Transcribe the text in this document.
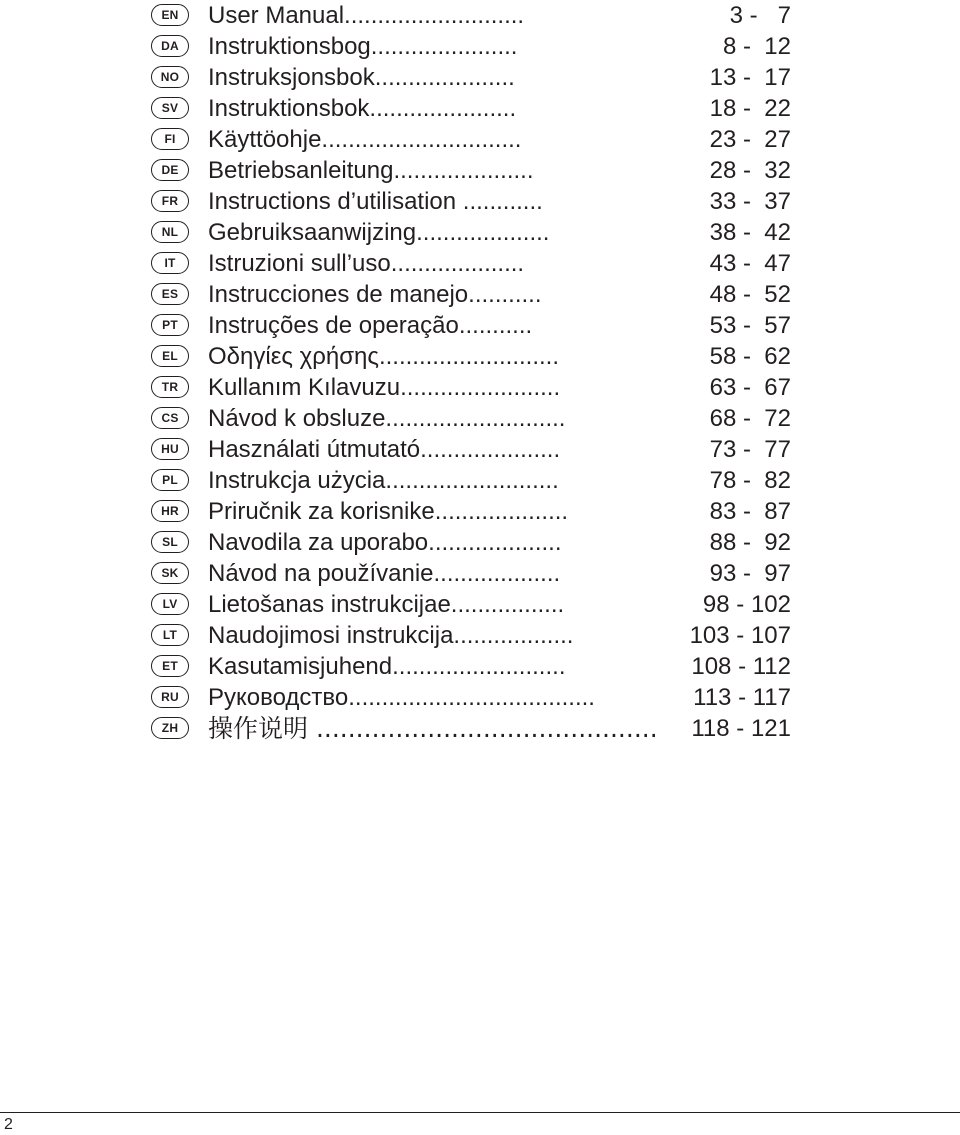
EN	User Manual...........................	3 -   7
DA	Instruktionsbog......................	8 -  12
NO	Instruksjonsbok.....................	13 -  17
SV	Instruktionsbok......................	18 -  22
FI	Käyttöohje..............................	23 -  27
DE	Betriebsanleitung.....................	28 -  32
FR	Instructions d’utilisation ............	33 -  37
NL	Gebruiksaanwijzing....................	38 -  42
IT	Istruzioni sull’uso....................	43 -  47
ES	Instrucciones de manejo...........	48 -  52
PT	Instruções de operação...........	53 -  57
EL	Οδηγίες χρήσης...........................	58 -  62
TR	Kullanım Kılavuzu........................	63 -  67
CS	Návod k obsluze...........................	68 -  72
HU	Használati útmutató.....................	73 -  77
PL	Instrukcja użycia..........................	78 -  82
HR	Priručnik za korisnike....................	83 -  87
SL	Navodila za uporabo....................	88 -  92
SK	Návod na používanie...................	93 -  97
LV	Lietošanas instrukcijae.................	98 - 102
LT	Naudojimosi instrukcija..................	103 - 107
ET	Kasutamisjuhend..........................	108 - 112
RU	Руководство.....................................	113 - 117
ZH	操作说明 ........................................... 118 - 121
2
